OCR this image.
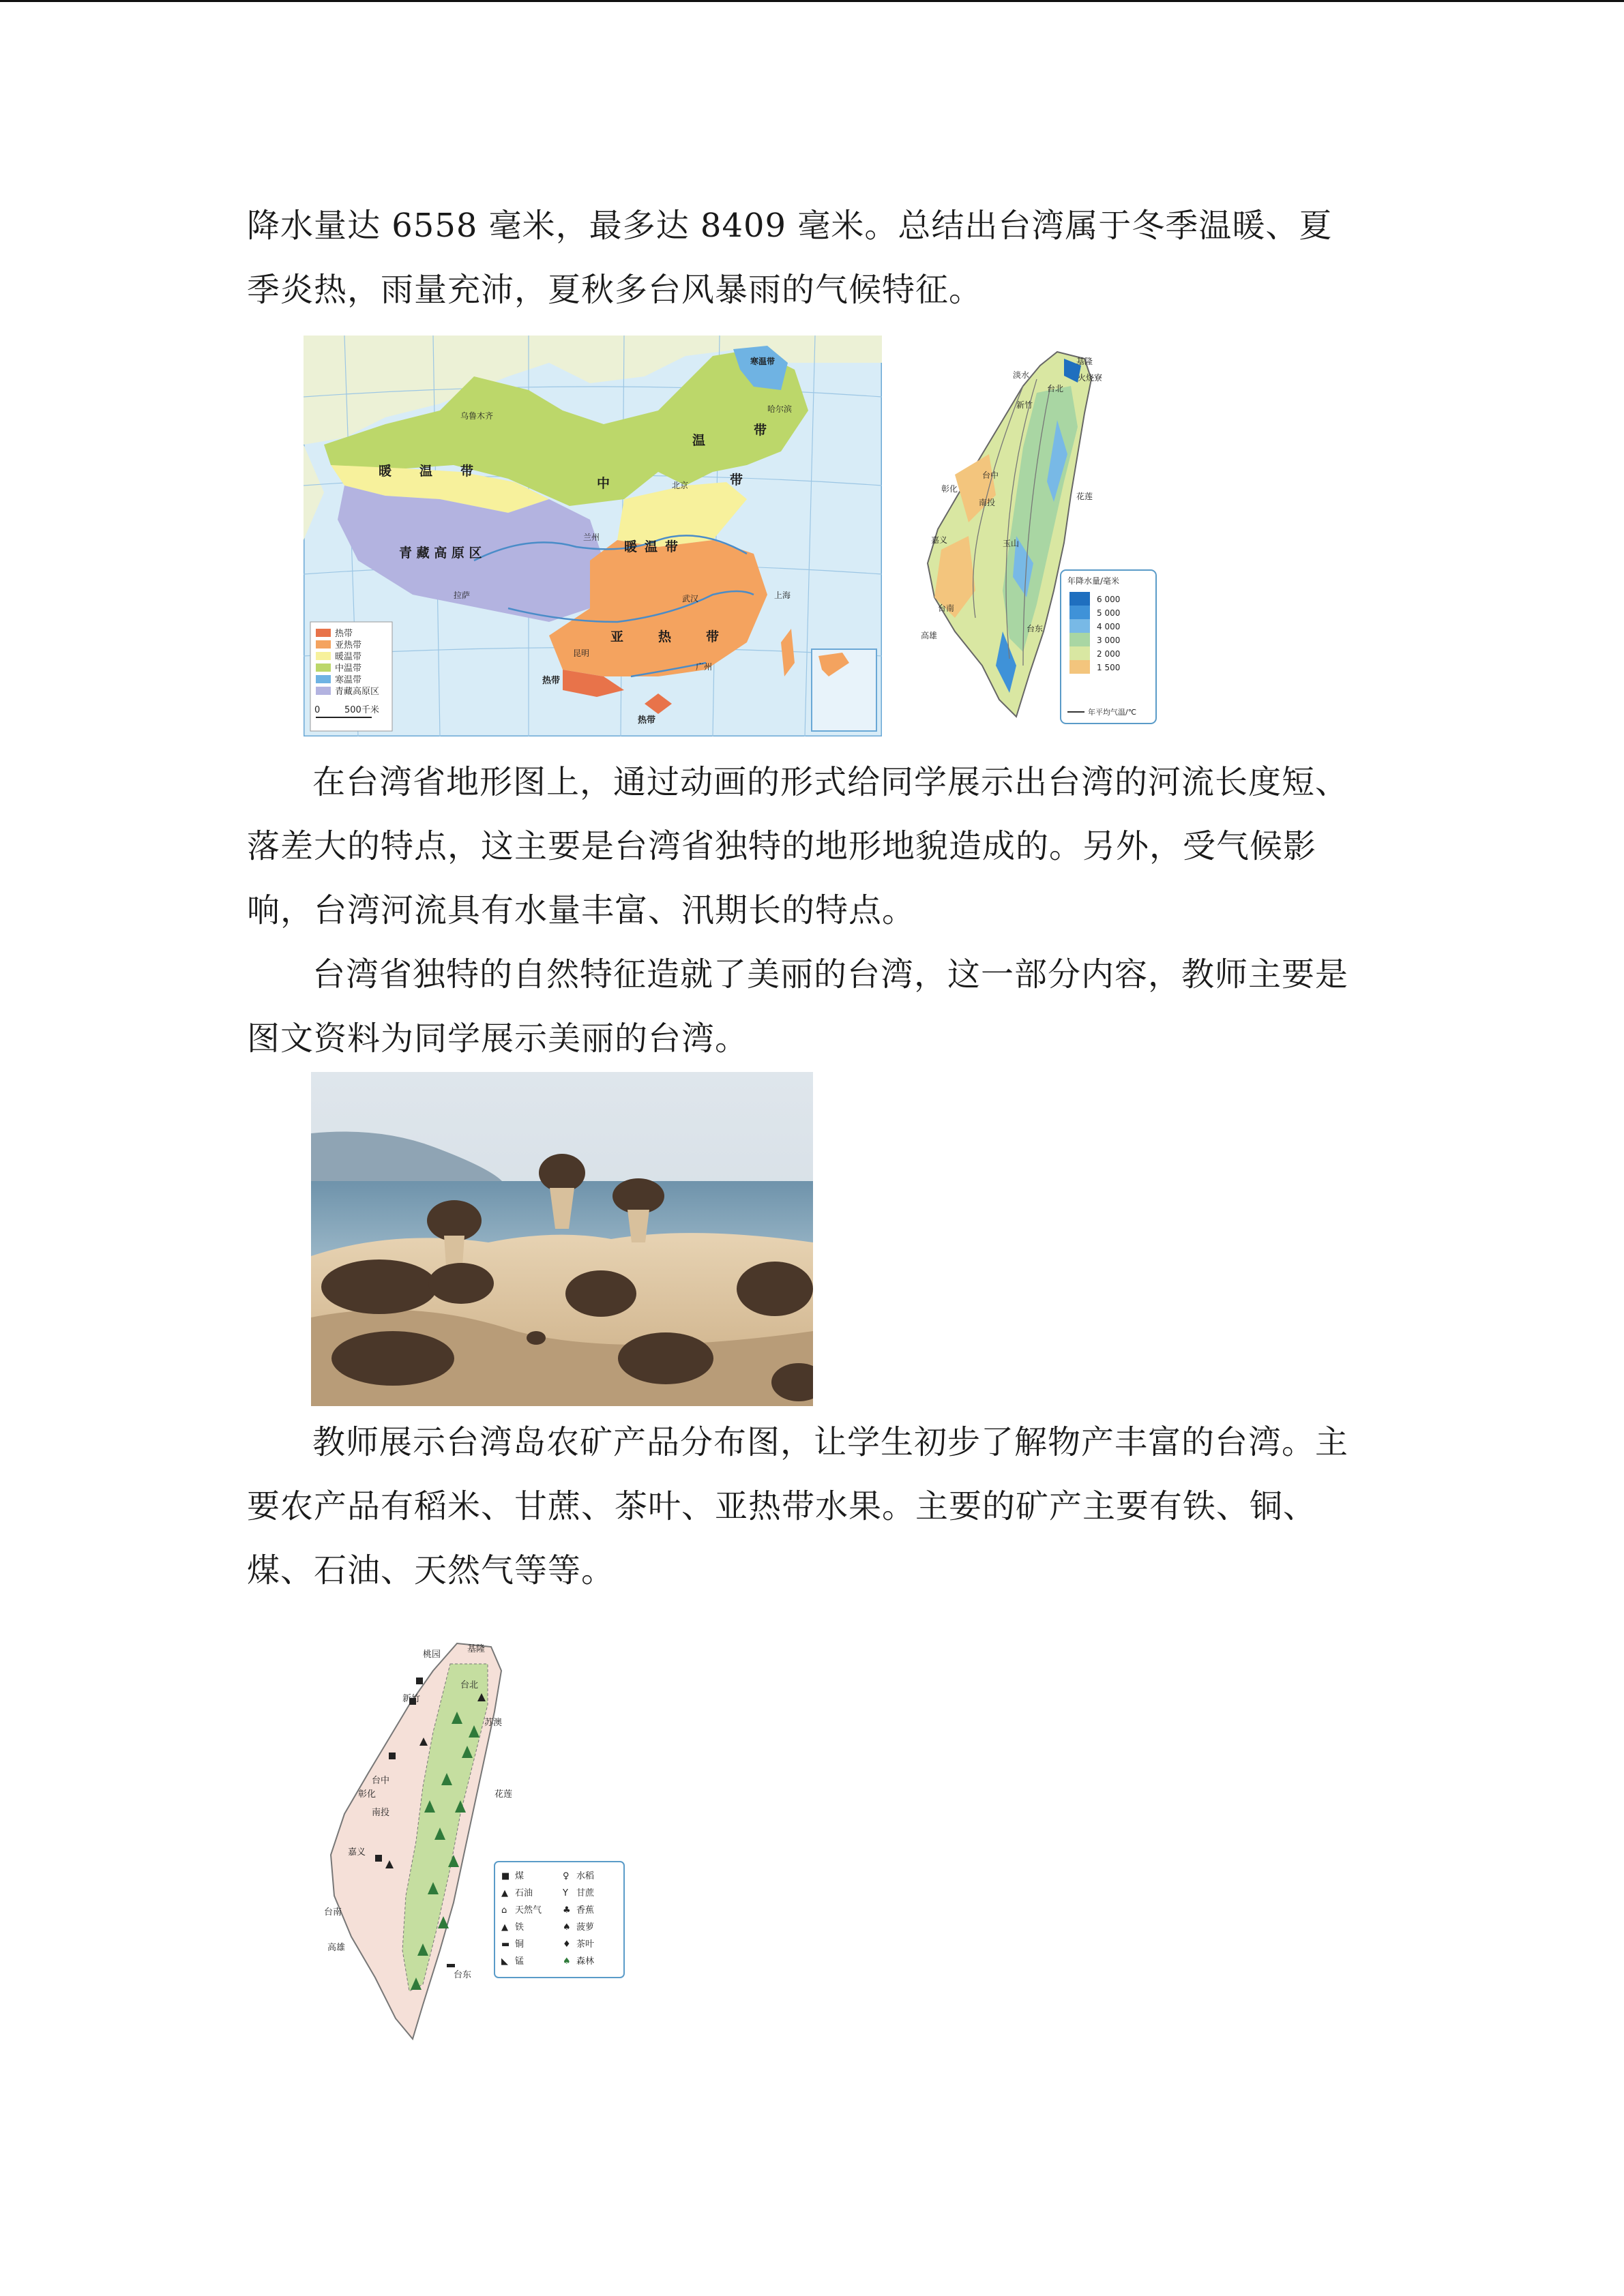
降水量达 6558 毫米，最多达 8409 毫米。总结出台湾属于冬季温暖、夏季炎热，雨量充沛，夏秋多台风暴雨的气候特征。

寒温带
带
中
温
带
暖 温 带
青 藏 高 原 区	暖 温 带
亚	热	带
热带
热带
乌鲁木齐
北京
哈尔滨
上海
武汉
广州
昆明
拉萨
兰州
热带
亚热带
暖温带
中温带
寒温带
青藏高原区
0	500千米
淡水
基隆
台北
火烧寮
新竹
台中
彰化
南投
花莲
玉山
嘉义
台南
高雄
台东
年降水量/毫米
6 000
5 000
4 000
3 000
2 000
1 500
年平均气温/℃

在台湾省地形图上，通过动画的形式给同学展示出台湾的河流长度短、落差大的特点，这主要是台湾省独特的地形地貌造成的。另外，受气候影响，台湾河流具有水量丰富、汛期长的特点。

台湾省独特的自然特征造就了美丽的台湾，这一部分内容，教师主要是图文资料为同学展示美丽的台湾。

教师展示台湾岛农矿产品分布图，让学生初步了解物产丰富的台湾。主要农产品有稻米、甘蔗、茶叶、亚热带水果。主要的矿产主要有铁、铜、煤、石油、天然气等等。

基隆
桃园
台北
新竹
苏澳
台中
彰化
南投
花莲
嘉义
台南
高雄
台东
■ 煤	♀ 水稻
▲ 石油	Y 甘蔗
⌂ 天然气 ♣ 香蕉
▲ 铁	♠ 菠萝
▬ 铜	♦ 茶叶
◣ 锰	♠ 森林
